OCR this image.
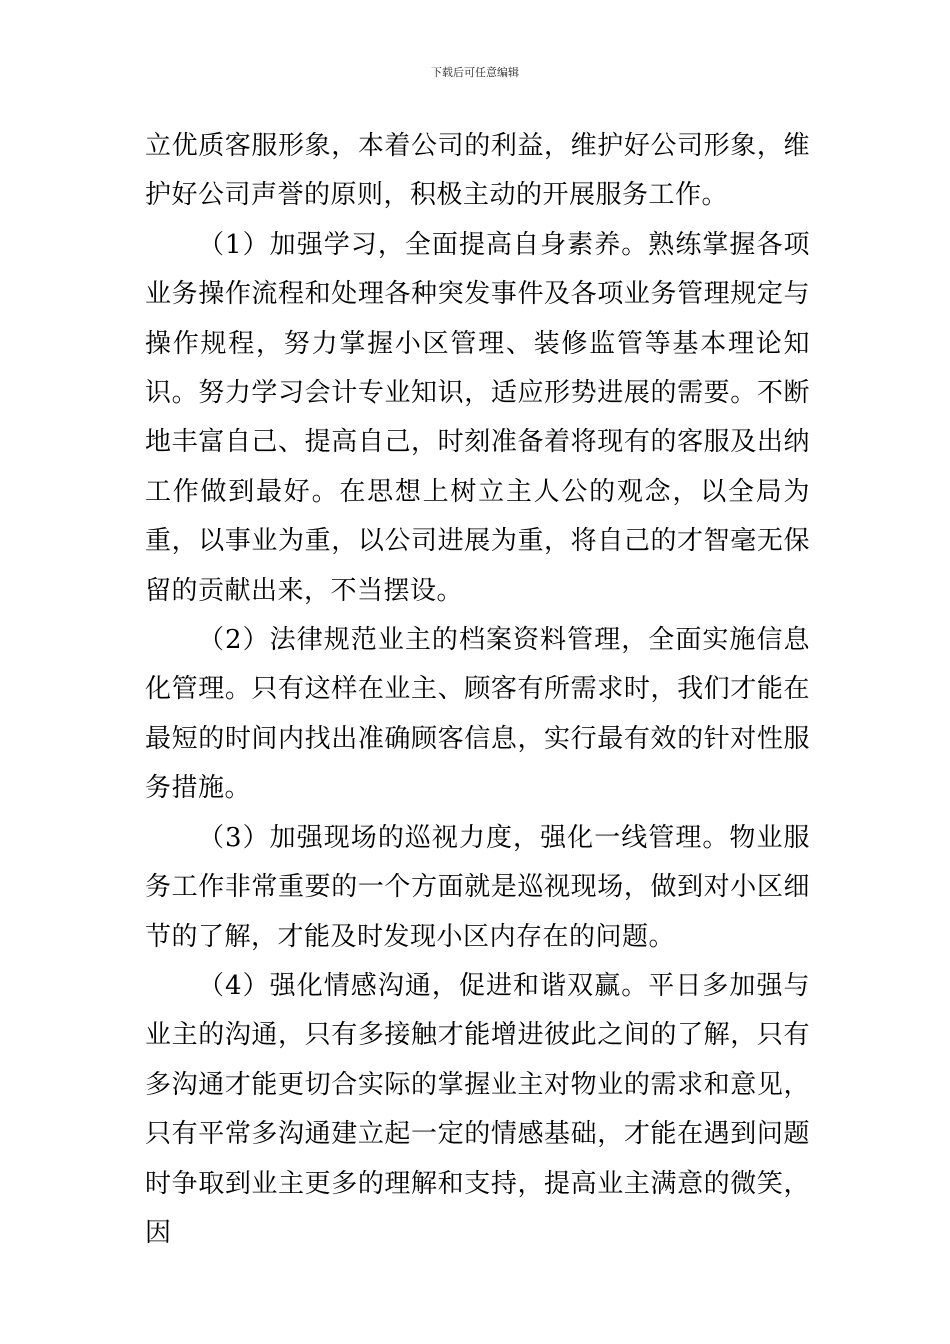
下载后可任意编辑

立优质客服形象，本着公司的利益，维护好公司形象，维护好公司声誉的原则，积极主动的开展服务工作。

（1）加强学习，全面提高自身素养。熟练掌握各项业务操作流程和处理各种突发事件及各项业务管理规定与操作规程，努力掌握小区管理、装修监管等基本理论知识。努力学习会计专业知识，适应形势进展的需要。不断地丰富自己、提高自己，时刻准备着将现有的客服及出纳工作做到最好。在思想上树立主人公的观念，以全局为重，以事业为重，以公司进展为重，将自己的才智毫无保留的贡献出来，不当摆设。

（2）法律规范业主的档案资料管理，全面实施信息化管理。只有这样在业主、顾客有所需求时，我们才能在最短的时间内找出准确顾客信息，实行最有效的针对性服务措施。

（3）加强现场的巡视力度，强化一线管理。物业服务工作非常重要的一个方面就是巡视现场，做到对小区细节的了解，才能及时发现小区内存在的问题。

（4）强化情感沟通，促进和谐双赢。平日多加强与业主的沟通，只有多接触才能增进彼此之间的了解，只有多沟通才能更切合实际的掌握业主对物业的需求和意见，只有平常多沟通建立起一定的情感基础，才能在遇到问题时争取到业主更多的理解和支持，提高业主满意的微笑，因
